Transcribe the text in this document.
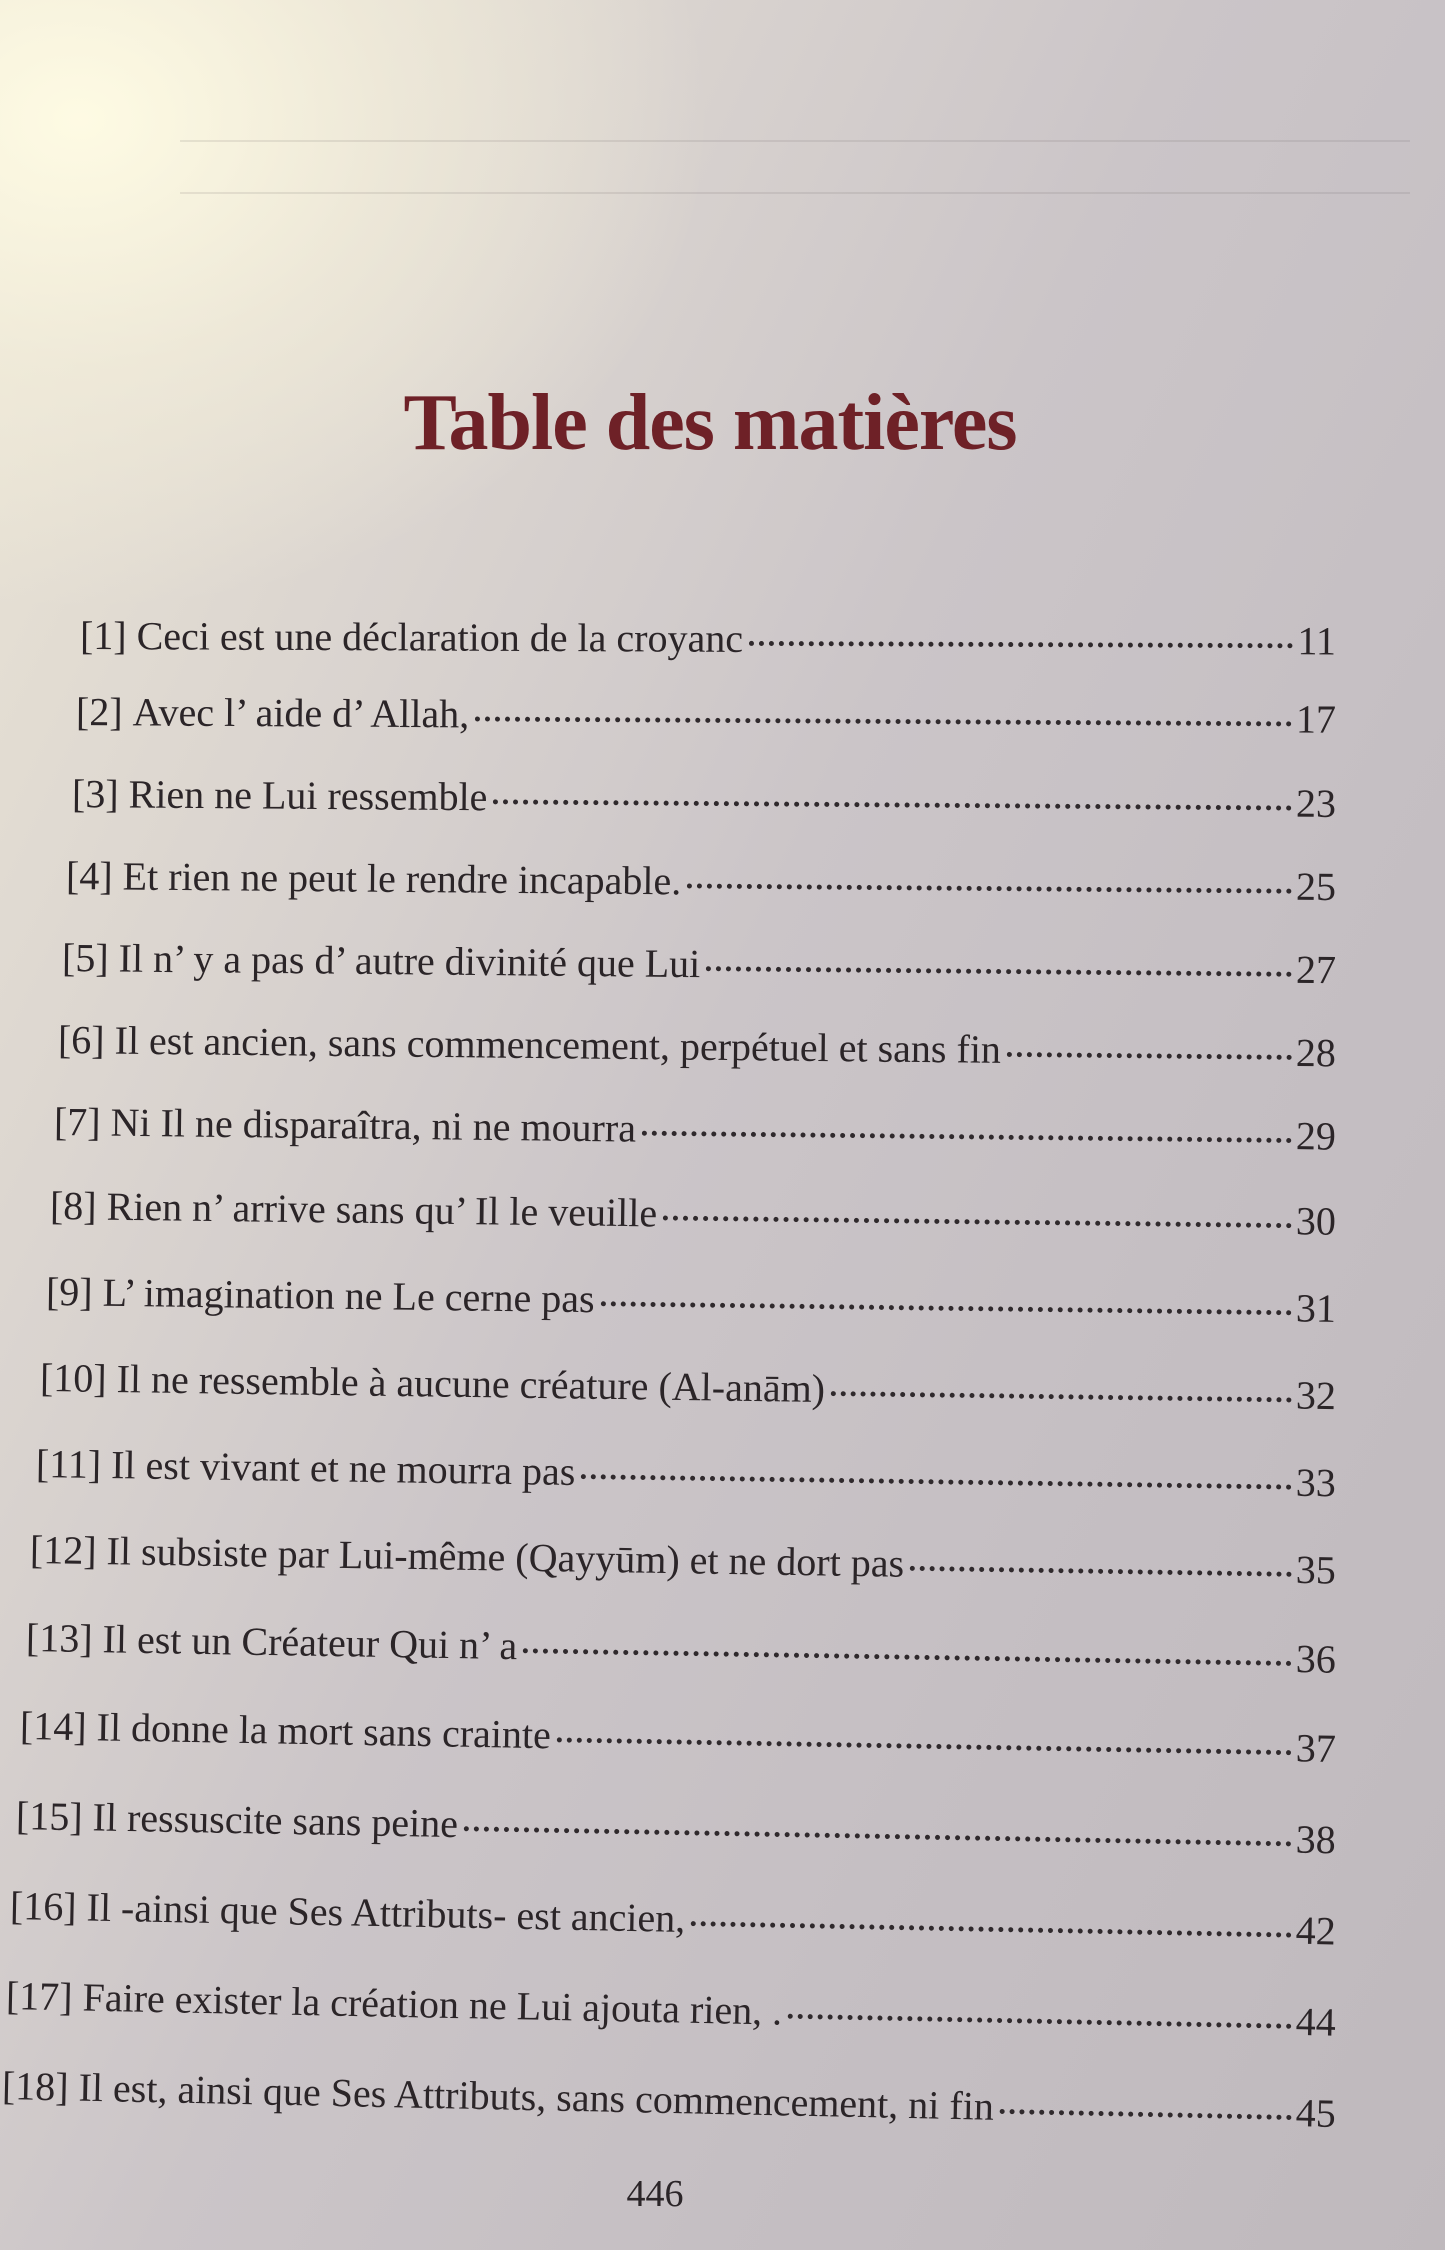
Table des matières
[1] Ceci est une déclaration de la croyanc	11
[2] Avec l’ aide d’ Allah,	17
[3] Rien ne Lui ressemble	23
[4] Et rien ne peut le rendre incapable.	25
[5] Il n’ y a pas d’ autre divinité que Lui	27
[6] Il est ancien, sans commencement, perpétuel et sans fin	28
[7] Ni Il ne disparaîtra, ni ne mourra	29
[8] Rien n’ arrive sans qu’ Il le veuille	30
[9] L’ imagination ne Le cerne pas	31
[10] Il ne ressemble à aucune créature (Al-anām)	32
[11] Il est vivant et ne mourra pas	33
[12] Il subsiste par Lui-même (Qayyūm) et ne dort pas	35
[13] Il est un Créateur Qui n’ a	36
[14] Il donne la mort sans crainte	37
[15] Il ressuscite sans peine	38
[16] Il -ainsi que Ses Attributs- est ancien,	42
[17] Faire exister la création ne Lui ajouta rien, .	44
[18] Il est, ainsi que Ses Attributs, sans commencement, ni fin	45
446
